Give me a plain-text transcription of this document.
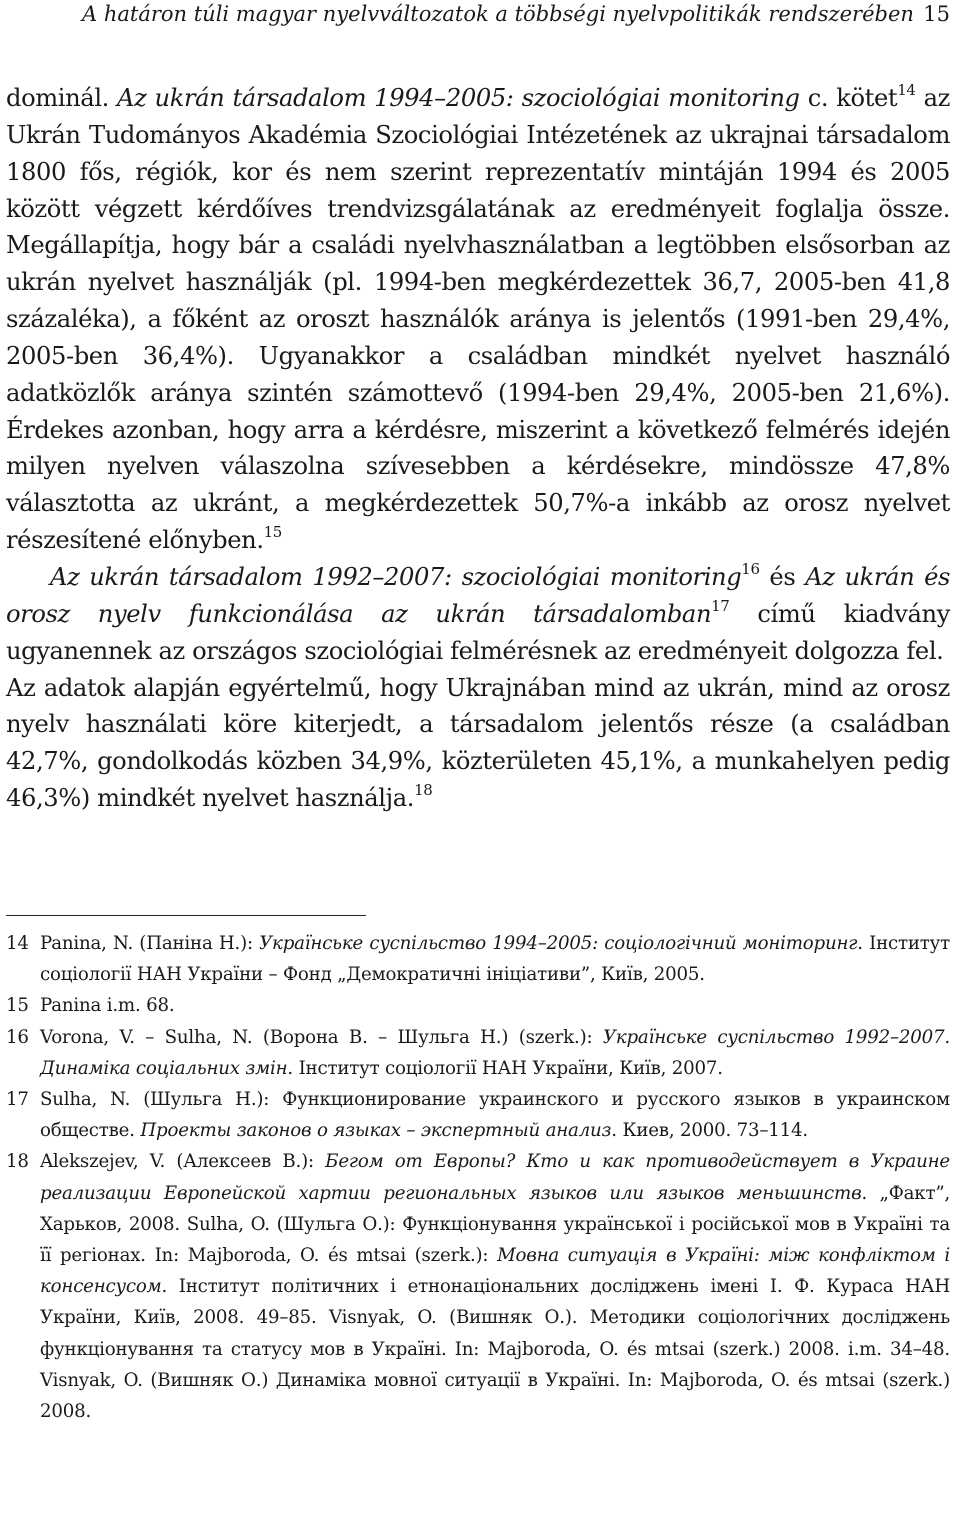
A határon túli magyar nyelvváltozatok a többségi nyelvpolitikák rendszerében 15

dominál. Az ukrán társadalom 1994–2005: szociológiai monitoring c. kötet$^{14}$ az Ukrán Tudományos Akadémia Szociológiai Intézetének az ukrajnai társadalom 1800 fős, régiók, kor és nem szerint reprezentatív mintáján 1994 és 2005 között végzett kérdőíves trendvizsgálatának az eredményeit foglalja össze. Megállapítja, hogy bár a családi nyelvhasználatban a legtöbben elsősorban az ukrán nyelvet használják (pl. 1994-ben megkérdezettek 36,7, 2005-ben 41,8 százaléka), a főként az oroszt használók aránya is jelentős (1991-ben 29,4%, 2005-ben 36,4%). Ugyanakkor a családban mindkét nyelvet használó adatközlők aránya szintén számottevő (1994-ben 29,4%, 2005-ben 21,6%). Érdekes azonban, hogy arra a kérdésre, miszerint a következő felmérés idején milyen nyelven válaszolna szívesebben a kérdésekre, mindössze 47,8% választotta az ukránt, a megkérdezettek 50,7%-a inkább az orosz nyelvet részesítené előnyben.$^{15}$

Az ukrán társadalom 1992–2007: szociológiai monitoring$^{16}$ és Az ukrán és orosz nyelv funkcionálása az ukrán társadalomban$^{17}$ című kiadvány ugyanennek az országos szociológiai felmérésnek az eredményeit dolgozza fel.

Az adatok alapján egyértelmű, hogy Ukrajnában mind az ukrán, mind az orosz nyelv használati köre kiterjedt, a társadalom jelentős része (a családban 42,7%, gondolkodás közben 34,9%, közterületen 45,1%, a munkahelyen pedig 46,3%) mindkét nyelvet használja.$^{18}$

14 Panina, N. (Паніна Н.): Українське суспільство 1994–2005: соціологічний моніторинг. Інститут соціології НАН України – Фонд „Демократичні ініціативи”, Київ, 2005.
15 Panina i.m. 68.
16 Vorona, V. – Sulha, N. (Ворона В. – Шульга Н.) (szerk.): Українське суспільство 1992–2007. Динаміка соціальних змін. Інститут соціології НАН України, Київ, 2007.
17 Sulha, N. (Шульга Н.): Функционирование украинского и русского языков в украинском обществе. Проекты законов о языках – экспертный анализ. Киев, 2000. 73–114.
18 Alekszejev, V. (Алексеев В.): Бегом от Европы? Кто и как противодействует в Украине реализации Европейской хартии региональных языков или языков меньшинств. „Факт”, Харьков, 2008. Sulha, O. (Шульга О.): Функціонування української і російської мов в Україні та її регіонах. In: Majboroda, O. és mtsai (szerk.): Мовна ситуація в Україні: між конфліктом і консенсусом. Інститут політичних і етнонаціональних досліджень імені І. Ф. Кураса НАН України, Київ, 2008. 49–85. Visnyak, O. (Вишняк О.). Методики соціологічних досліджень функціонування та статусу мов в Україні. In: Majboroda, O. és mtsai (szerk.) 2008. i.m. 34–48. Visnyak, O. (Вишняк О.) Динаміка мовної ситуації в Україні. In: Majboroda, O. és mtsai (szerk.) 2008.
